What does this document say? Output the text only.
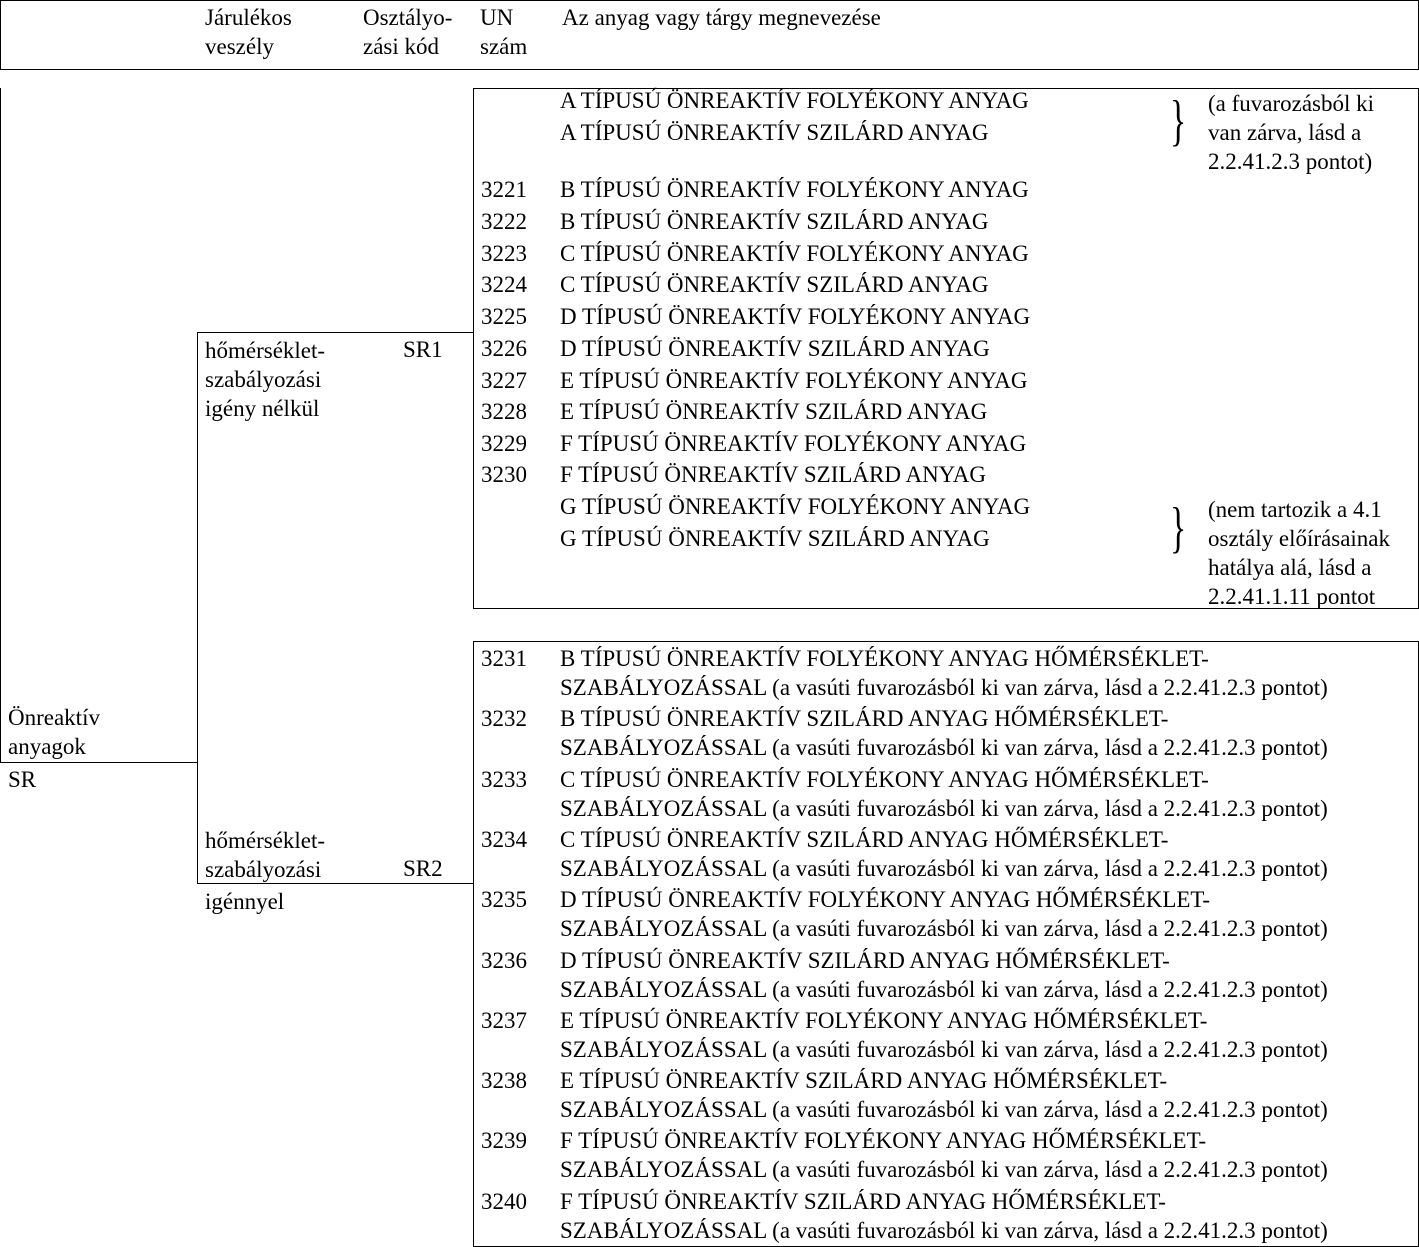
Járulékos
veszély
Osztályo-
zási kód
UN
szám
Az anyag vagy tárgy megnevezése
Önreaktív
anyagok
SR
hőmérséklet-
szabályozási
igény nélkül
SR1
hőmérséklet-
szabályozási
igénnyel
SR2
A TÍPUSÚ ÖNREAKTÍV FOLYÉKONY ANYAG
A TÍPUSÚ ÖNREAKTÍV SZILÁRD ANYAG
3221 B TÍPUSÚ ÖNREAKTÍV FOLYÉKONY ANYAG
3222 B TÍPUSÚ ÖNREAKTÍV SZILÁRD ANYAG
3223 C TÍPUSÚ ÖNREAKTÍV FOLYÉKONY ANYAG
3224 C TÍPUSÚ ÖNREAKTÍV SZILÁRD ANYAG
3225 D TÍPUSÚ ÖNREAKTÍV FOLYÉKONY ANYAG
3226 D TÍPUSÚ ÖNREAKTÍV SZILÁRD ANYAG
3227 E TÍPUSÚ ÖNREAKTÍV FOLYÉKONY ANYAG
3228 E TÍPUSÚ ÖNREAKTÍV SZILÁRD ANYAG
3229 F TÍPUSÚ ÖNREAKTÍV FOLYÉKONY ANYAG
3230 F TÍPUSÚ ÖNREAKTÍV SZILÁRD ANYAG
G TÍPUSÚ ÖNREAKTÍV FOLYÉKONY ANYAG
G TÍPUSÚ ÖNREAKTÍV SZILÁRD ANYAG
} (a fuvarozásból ki
van zárva, lásd a
2.2.41.2.3 pontot)
} (nem tartozik a 4.1
osztály előírásainak
hatálya alá, lásd a
2.2.41.1.11 pontot
3231 B TÍPUSÚ ÖNREAKTÍV FOLYÉKONY ANYAG HŐMÉRSÉKLET-
SZABÁLYOZÁSSAL (a vasúti fuvarozásból ki van zárva, lásd a 2.2.41.2.3 pontot)
3232 B TÍPUSÚ ÖNREAKTÍV SZILÁRD ANYAG HŐMÉRSÉKLET-
SZABÁLYOZÁSSAL (a vasúti fuvarozásból ki van zárva, lásd a 2.2.41.2.3 pontot)
3233 C TÍPUSÚ ÖNREAKTÍV FOLYÉKONY ANYAG HŐMÉRSÉKLET-
SZABÁLYOZÁSSAL (a vasúti fuvarozásból ki van zárva, lásd a 2.2.41.2.3 pontot)
3234 C TÍPUSÚ ÖNREAKTÍV SZILÁRD ANYAG HŐMÉRSÉKLET-
SZABÁLYOZÁSSAL (a vasúti fuvarozásból ki van zárva, lásd a 2.2.41.2.3 pontot)
3235 D TÍPUSÚ ÖNREAKTÍV FOLYÉKONY ANYAG HŐMÉRSÉKLET-
SZABÁLYOZÁSSAL (a vasúti fuvarozásból ki van zárva, lásd a 2.2.41.2.3 pontot)
3236 D TÍPUSÚ ÖNREAKTÍV SZILÁRD ANYAG HŐMÉRSÉKLET-
SZABÁLYOZÁSSAL (a vasúti fuvarozásból ki van zárva, lásd a 2.2.41.2.3 pontot)
3237 E TÍPUSÚ ÖNREAKTÍV FOLYÉKONY ANYAG HŐMÉRSÉKLET-
SZABÁLYOZÁSSAL (a vasúti fuvarozásból ki van zárva, lásd a 2.2.41.2.3 pontot)
3238 E TÍPUSÚ ÖNREAKTÍV SZILÁRD ANYAG HŐMÉRSÉKLET-
SZABÁLYOZÁSSAL (a vasúti fuvarozásból ki van zárva, lásd a 2.2.41.2.3 pontot)
3239 F TÍPUSÚ ÖNREAKTÍV FOLYÉKONY ANYAG HŐMÉRSÉKLET-
SZABÁLYOZÁSSAL (a vasúti fuvarozásból ki van zárva, lásd a 2.2.41.2.3 pontot)
3240 F TÍPUSÚ ÖNREAKTÍV SZILÁRD ANYAG HŐMÉRSÉKLET-
SZABÁLYOZÁSSAL (a vasúti fuvarozásból ki van zárva, lásd a 2.2.41.2.3 pontot)
